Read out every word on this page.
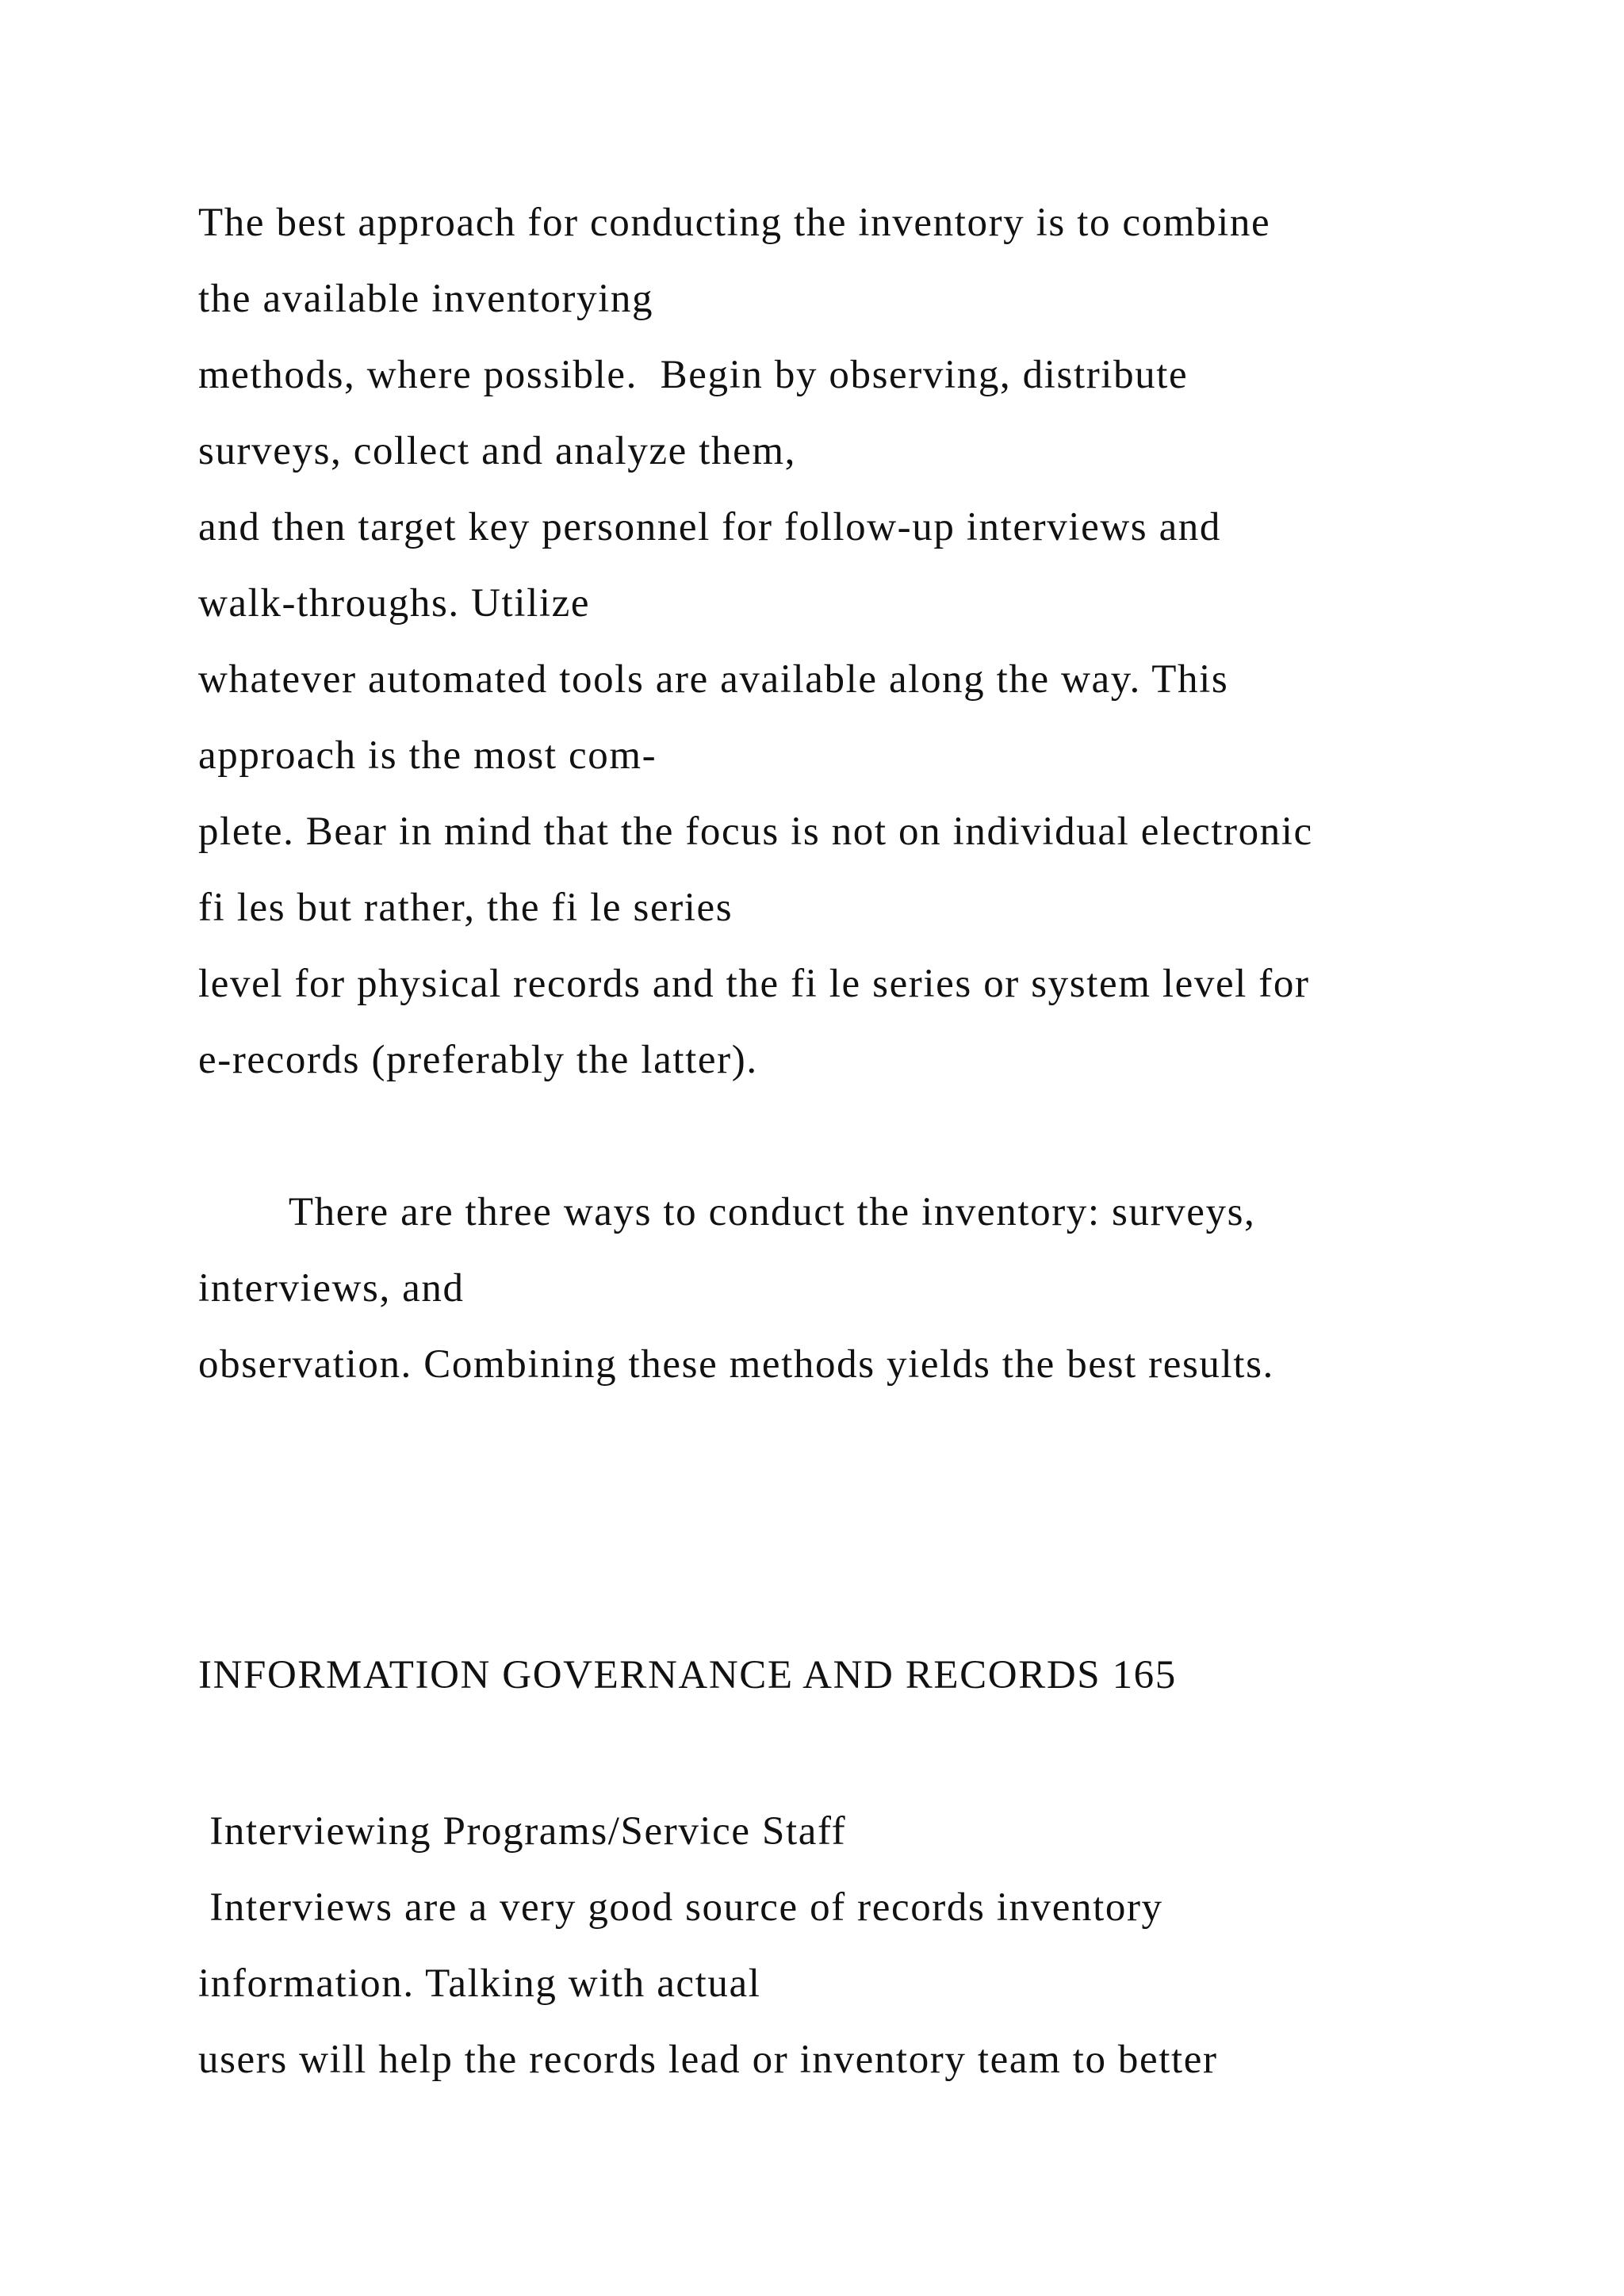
The best approach for conducting the inventory is to combine
the available inventorying
methods, where possible.  Begin by observing, distribute
surveys, collect and analyze them,
and then target key personnel for follow-up interviews and
walk-throughs. Utilize
whatever automated tools are available along the way. This
approach is the most com-
plete. Bear in mind that the focus is not on individual electronic
fi les but rather, the fi le series
level for physical records and the fi le series or system level for
e-records (preferably the latter).
There are three ways to conduct the inventory: surveys,
interviews, and
observation. Combining these methods yields the best results.
INFORMATION GOVERNANCE AND RECORDS 165
Interviewing Programs/Service Staff
Interviews are a very good source of records inventory
information. Talking with actual
users will help the records lead or inventory team to better
